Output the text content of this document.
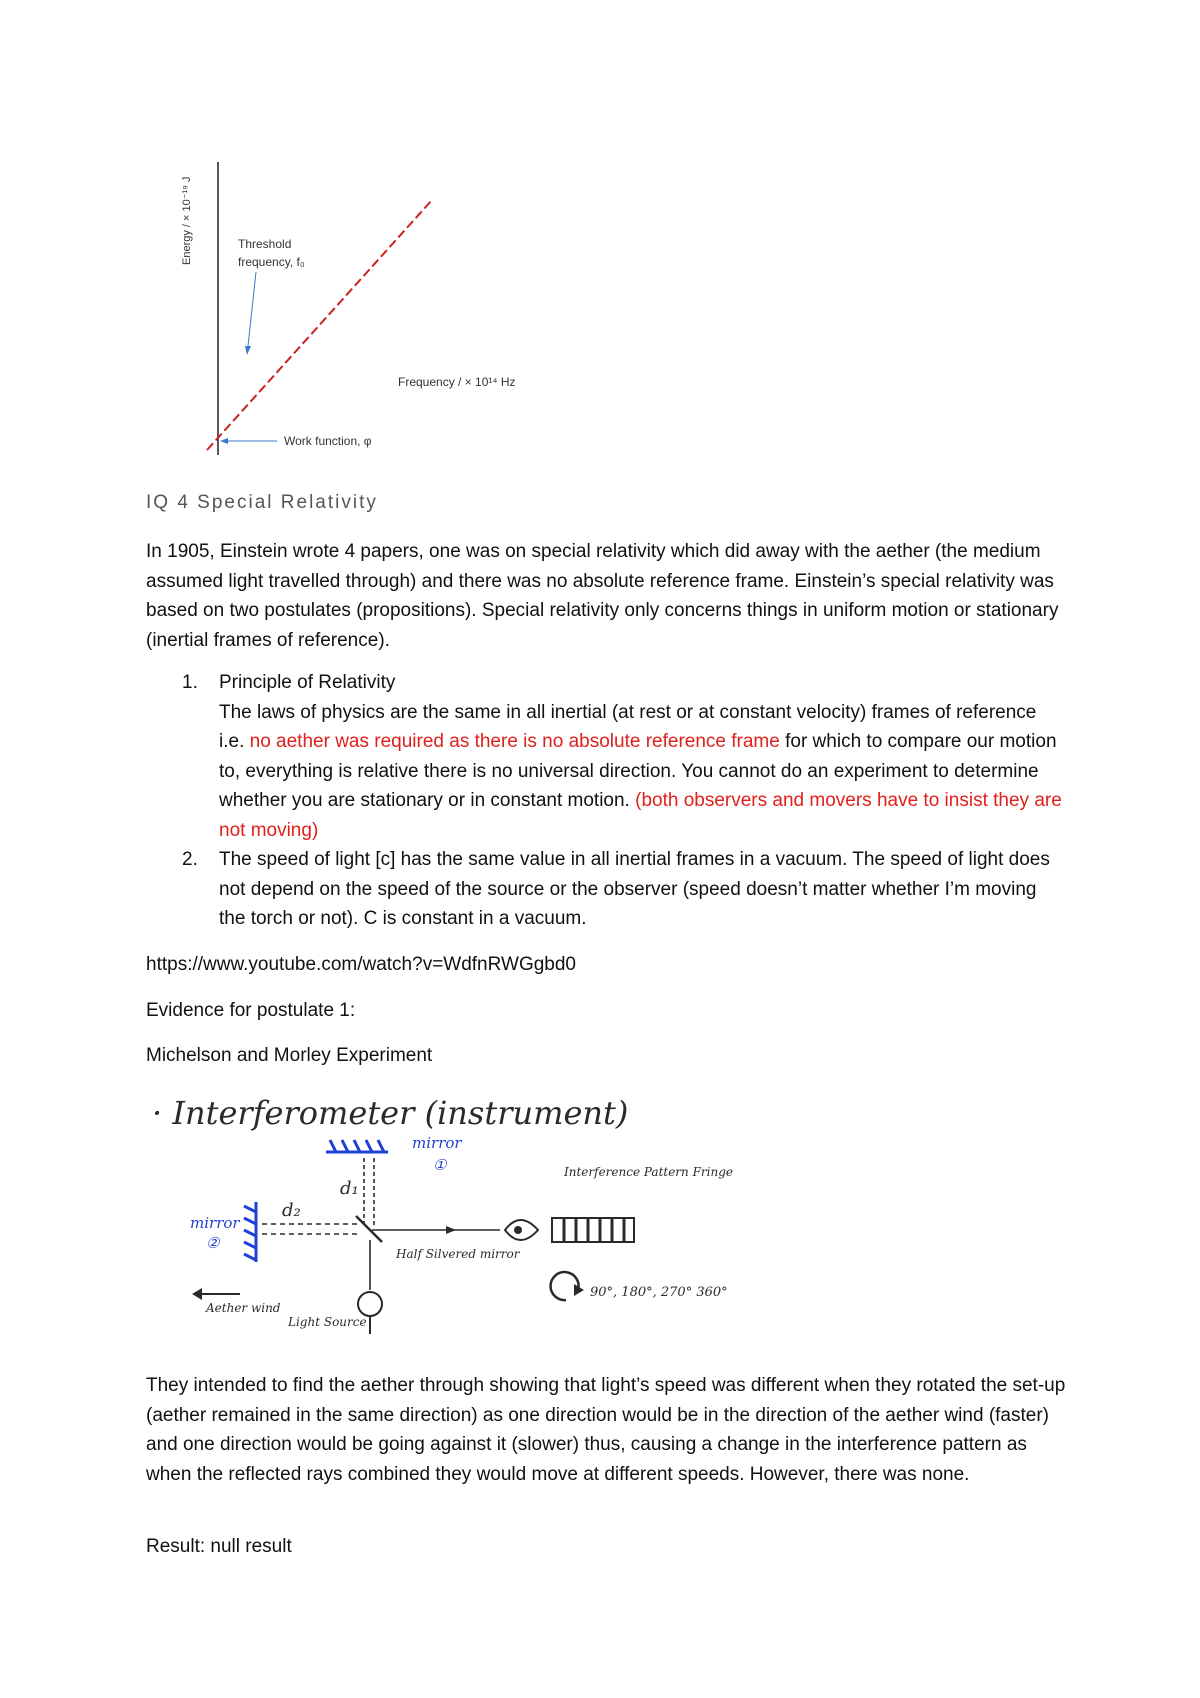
Energy / × 10⁻¹⁹ J	Threshold
frequency, f₀
Frequency / × 10¹⁴ Hz
Work function, φ
IQ 4 Special Relativity
In 1905, Einstein wrote 4 papers, one was on special relativity which did away with the aether (the medium assumed light travelled through) and there was no absolute reference frame. Einstein’s special relativity was based on two postulates (propositions). Special relativity only concerns things in uniform motion or stationary (inertial frames of reference).
1. Principle of Relativity
The laws of physics are the same in all inertial (at rest or at constant velocity) frames of reference i.e. no aether was required as there is no absolute reference frame for which to compare our motion to, everything is relative there is no universal direction. You cannot do an experiment to determine whether you are stationary or in constant motion. (both observers and movers have to insist they are not moving)
2. The speed of light [c] has the same value in all inertial frames in a vacuum. The speed of light does not depend on the speed of the source or the observer (speed doesn’t matter whether I’m moving the torch or not). C is constant in a vacuum.
https://www.youtube.com/watch?v=WdfnRWGgbd0
Evidence for postulate 1:
Michelson and Morley Experiment
· Interferometer (instrument)
mirror
①
mirror
②
d₁
d₂
Half Silvered mirror
Light Source
Aether wind
Interference Pattern Fringe
90°, 180°, 270° 360°
They intended to find the aether through showing that light’s speed was different when they rotated the set-up (aether remained in the same direction) as one direction would be in the direction of the aether wind (faster) and one direction would be going against it (slower) thus, causing a change in the interference pattern as when the reflected rays combined they would move at different speeds. However, there was none.
Result: null result
